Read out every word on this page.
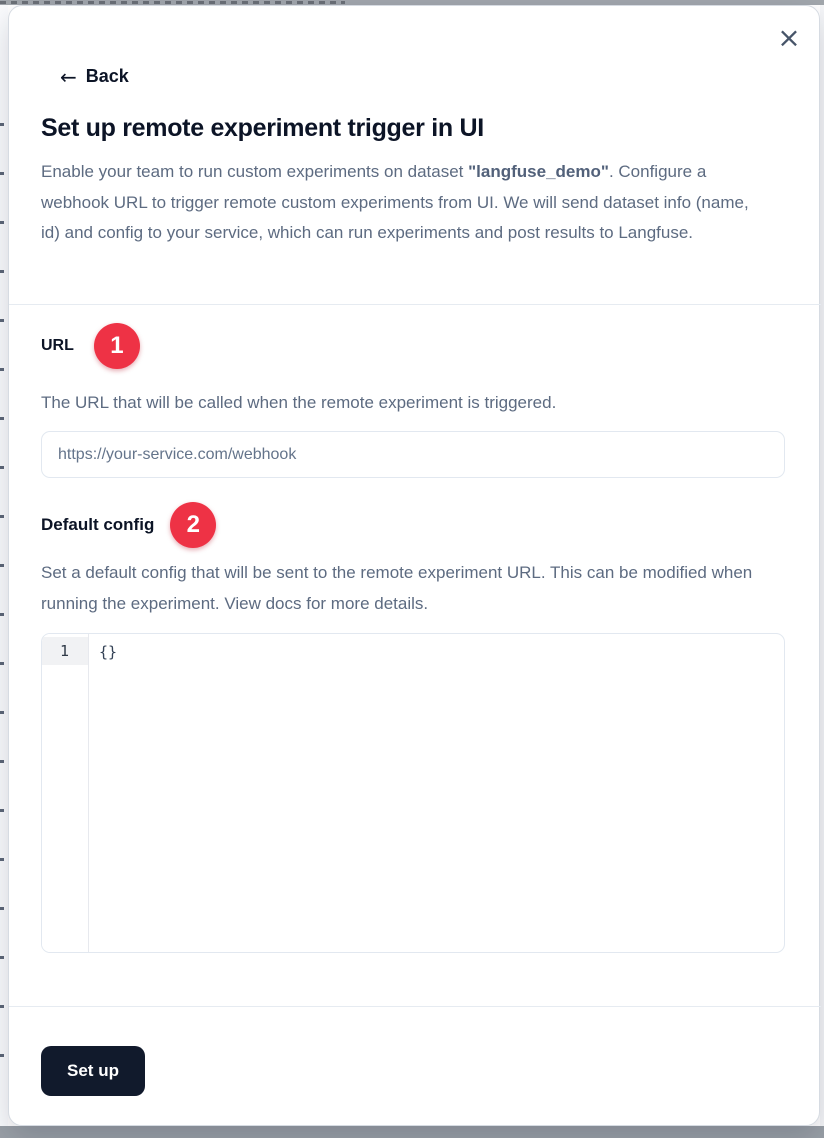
×
← Back
Set up remote experiment trigger in UI

Enable your team to run custom experiments on dataset "langfuse_demo". Configure a webhook URL to trigger remote custom experiments from UI. We will send dataset info (name, id) and config to your service, which can run experiments and post results to Langfuse.

URL	1

The URL that will be called when the remote experiment is triggered.

https://your-service.com/webhook
Default config	2

Set a default config that will be sent to the remote experiment URL. This can be modified when running the experiment. View docs for more details.

1	{}
Set up
